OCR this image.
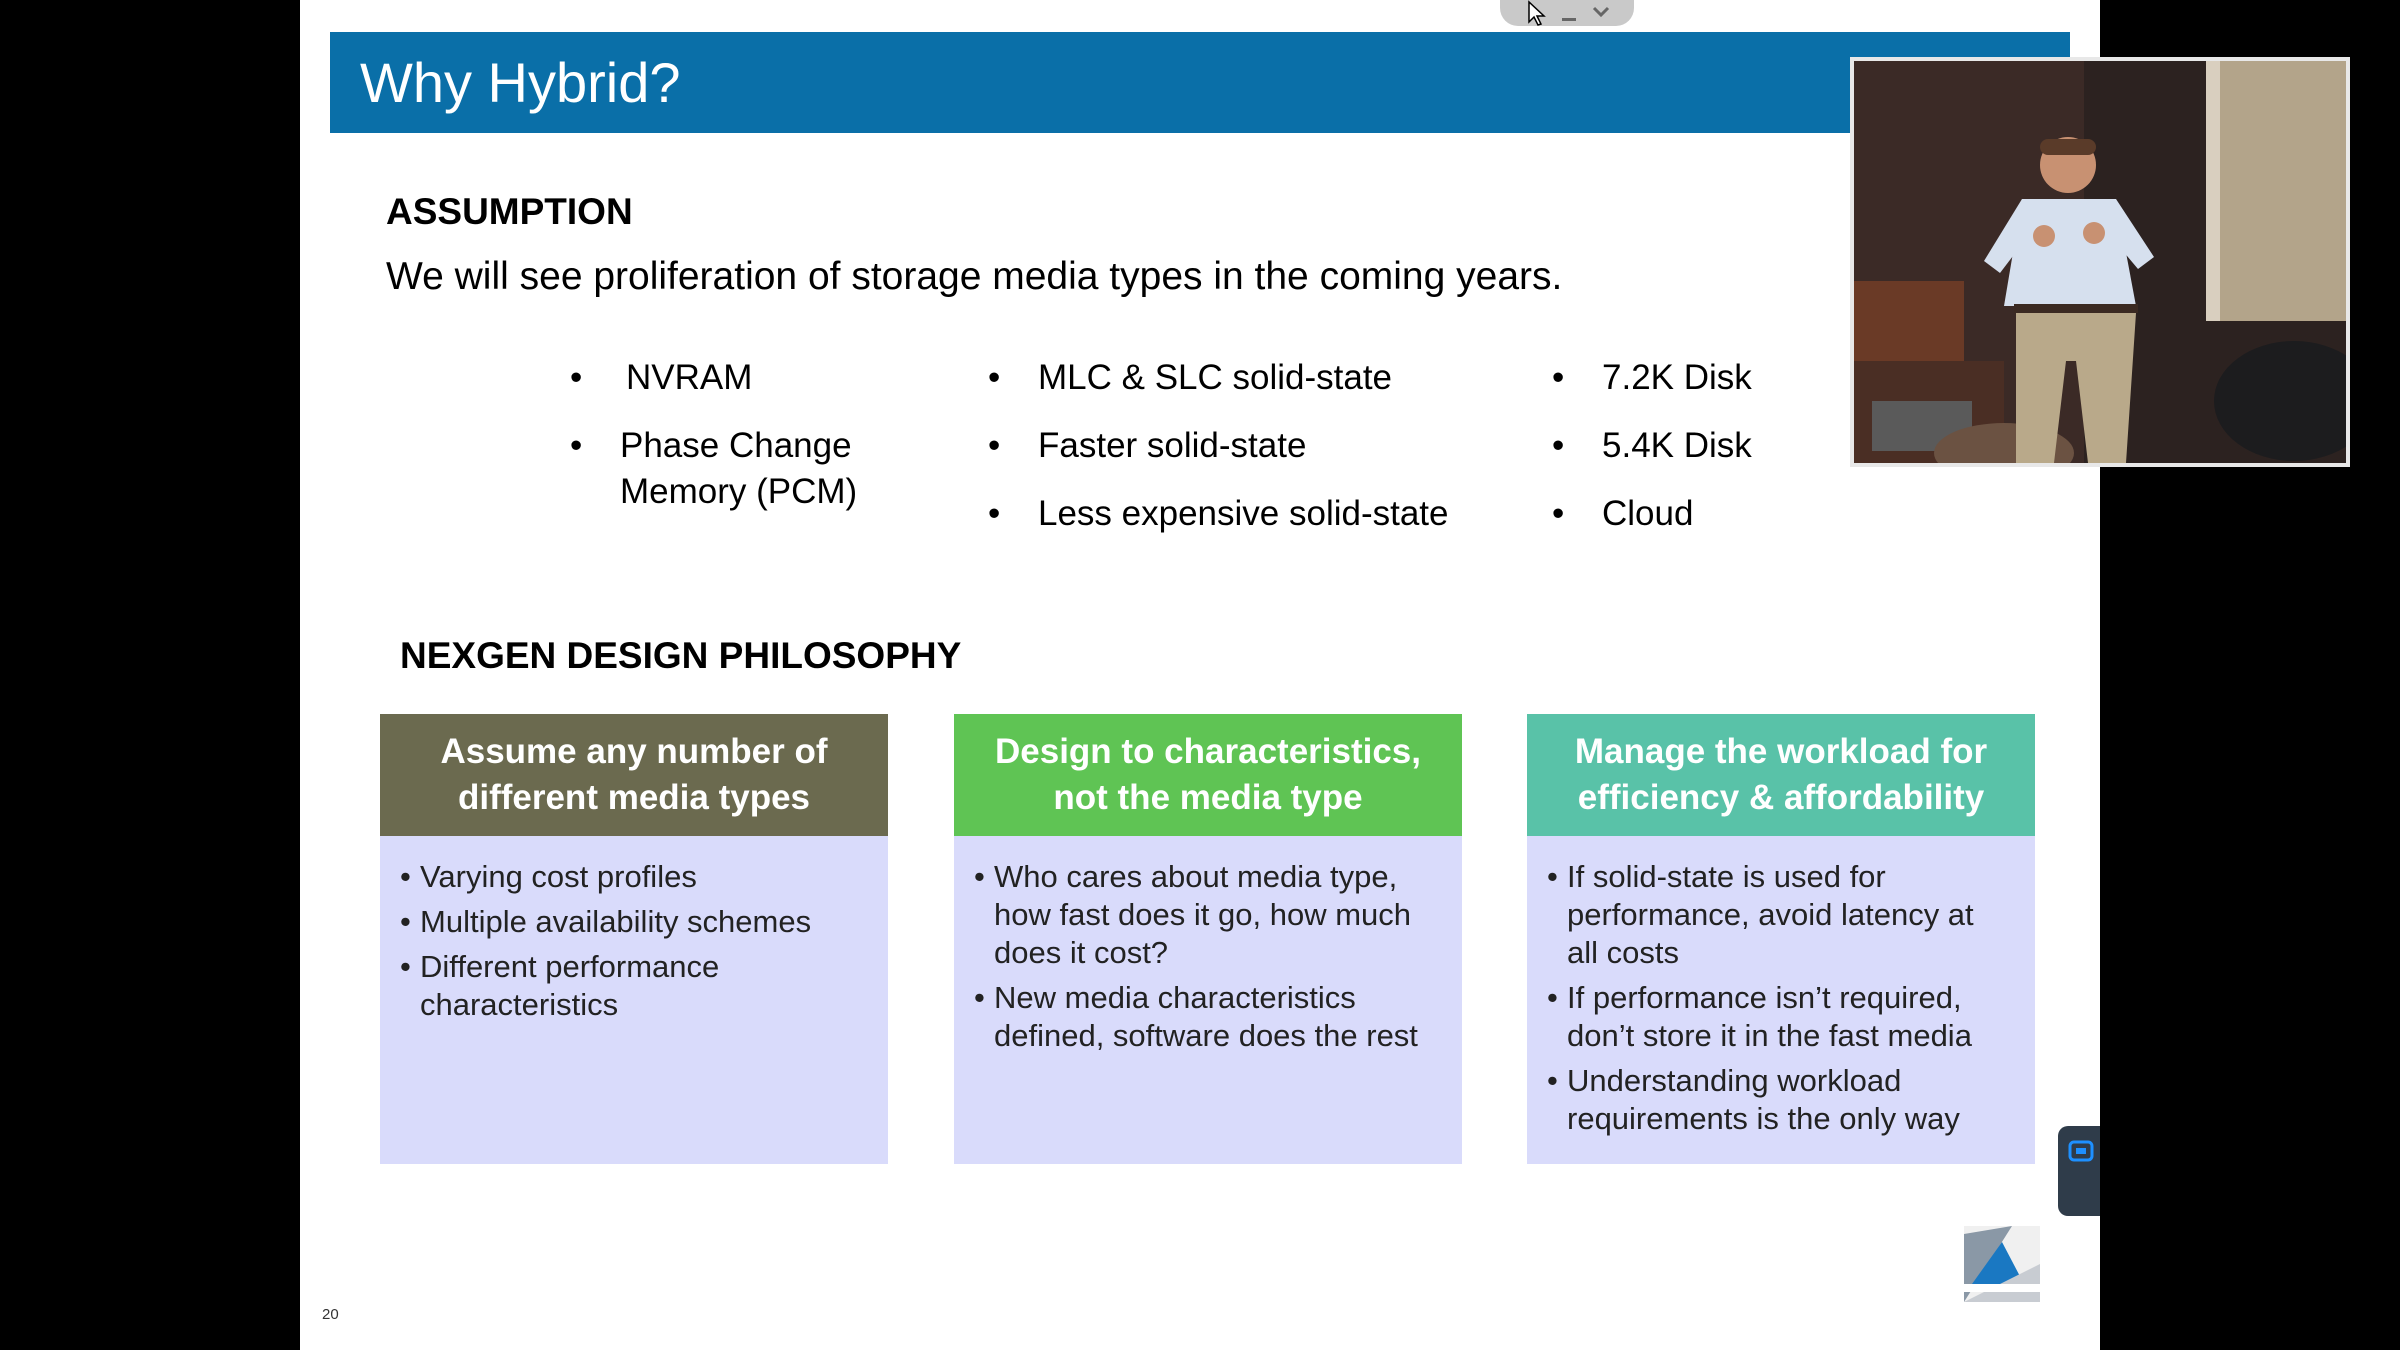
Why Hybrid?
ASSUMPTION

We will see proliferation of storage media types in the coming years.

• NVRAM
• Phase Change
Memory (PCM)
• MLC & SLC solid-state
• Faster solid-state
• Less expensive solid-state
• 7.2K Disk
• 5.4K Disk
• Cloud
NEXGEN DESIGN PHILOSOPHY
Assume any number of
different media types
• Varying cost profiles
• Multiple availability schemes
• Different performance characteristics
Design to characteristics,
not the media type
• Who cares about media type, how fast does it go, how much does it cost?
• New media characteristics defined, software does the rest
Manage the workload for
efficiency & affordability
• If solid-state is used for performance, avoid latency at all costs
• If performance isn’t required, don’t store it in the fast media
• Understanding workload requirements is the only way
20
